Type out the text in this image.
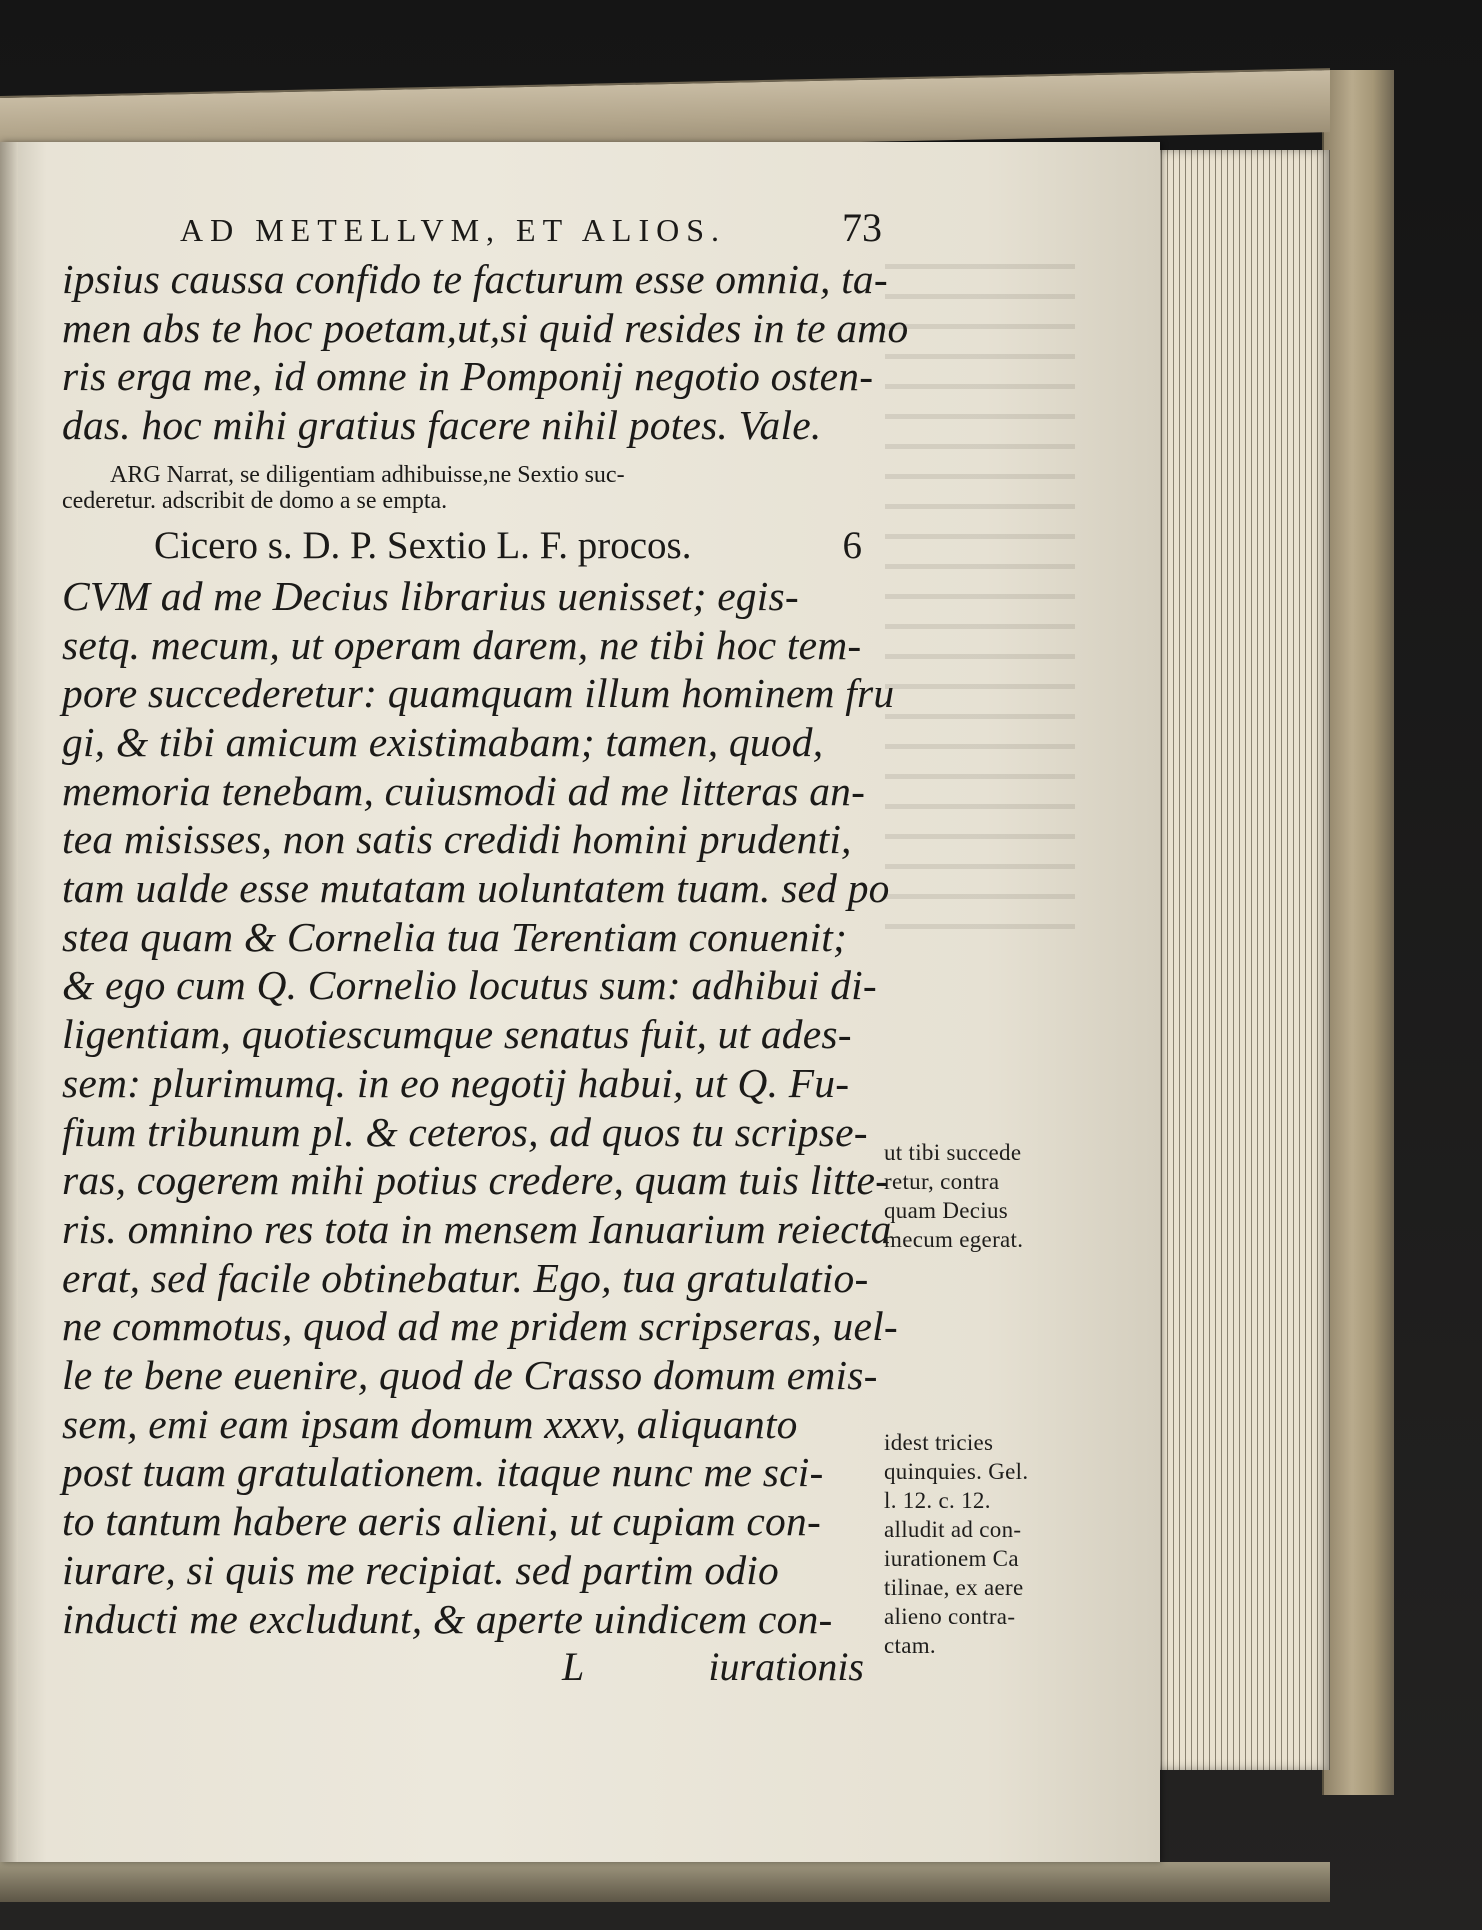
AD METELLVM, ET ALIOS.	73
ipsius caussa confido te facturum esse omnia, ta-
men abs te hoc poetam,ut,si quid resides in te amo
ris erga me, id omne in Pomponij negotio osten-
das. hoc mihi gratius facere nihil potes. Vale.
ARG Narrat, se diligentiam adhibuisse,ne Sextio suc-
cederetur. adscribit de domo a se empta.
Cicero s. D. P. Sextio L. F. procos.	6
CVM ad me Decius librarius uenisset; egis-
setq. mecum, ut operam darem, ne tibi hoc tem-
pore succederetur: quamquam illum hominem fru
gi, & tibi amicum existimabam; tamen, quod,
memoria tenebam, cuiusmodi ad me litteras an-
tea misisses, non satis credidi homini prudenti,
tam ualde esse mutatam uoluntatem tuam. sed po
stea quam & Cornelia tua Terentiam conuenit;
& ego cum Q. Cornelio locutus sum: adhibui di-
ligentiam, quotiescumque senatus fuit, ut ades-
sem: plurimumq. in eo negotij habui, ut Q. Fu-
fium tribunum pl. & ceteros, ad quos tu scripse-
ras, cogerem mihi potius credere, quam tuis litte-
ris. omnino res tota in mensem Ianuarium reiecta
erat, sed facile obtinebatur. Ego, tua gratulatio-
ne commotus, quod ad me pridem scripseras, uel-
le te bene euenire, quod de Crasso domum emis-
sem, emi eam ipsam domum xxxv, aliquanto
post tuam gratulationem. itaque nunc me sci-
to tantum habere aeris alieni, ut cupiam con-
iurare, si quis me recipiat. sed partim odio
inducti me excludunt, & aperte uindicem con-
L	iurationis
ut tibi succede
retur, contra
quam Decius
mecum egerat.
idest tricies
quinquies. Gel.
l. 12. c. 12.
alludit ad con-
iurationem Ca
tilinae, ex aere
alieno contra-
ctam.
